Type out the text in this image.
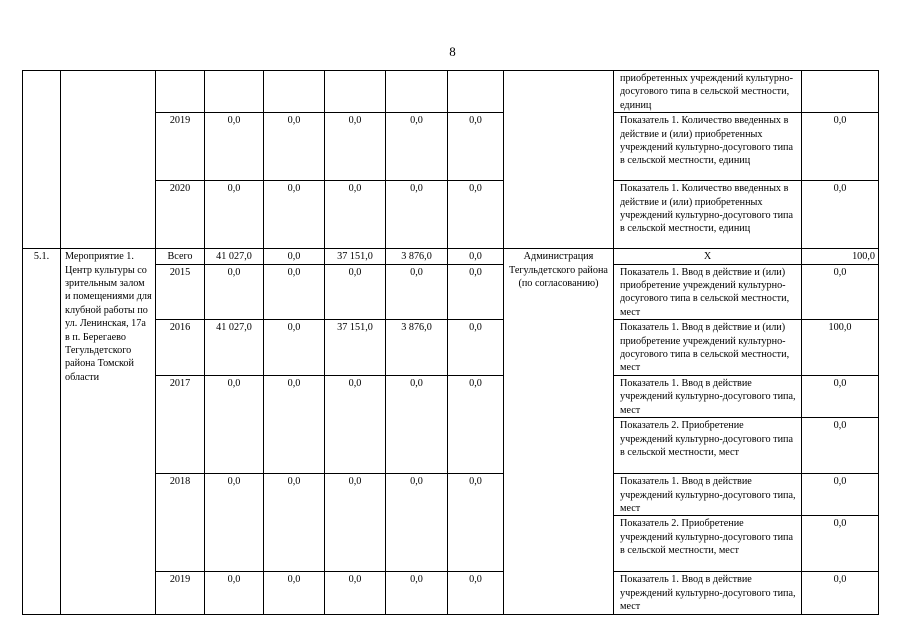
8
									приобретенных учреждений культурно-досугового типа в сельской местности, единиц	
		2019	0,0	0,0	0,0	0,0	0,0		Показатель 1. Количество введенных в действие и (или) приобретенных учреждений культурно-досугового типа в сельской местности, единиц	0,0
		2020	0,0	0,0	0,0	0,0	0,0		Показатель 1. Количество введенных в действие и (или) приобретенных учреждений культурно-досугового типа в сельской местности, единиц	0,0
5.1.	Мероприятие 1. Центр культуры со зрительным залом и помещениями для клубной работы по ул. Ленинская, 17а в п. Берегаево Тегульдетского района Томской области	Всего	41 027,0	0,0	37 151,0	3 876,0	0,0	Администрация Тегульдетского района (по согласованию)	X	100,0
		2015	0,0	0,0	0,0	0,0	0,0		Показатель 1. Ввод в действие и (или) приобретение учреждений культурно-досугового типа в сельской местности, мест	0,0
		2016	41 027,0	0,0	37 151,0	3 876,0	0,0		Показатель 1. Ввод в действие и (или) приобретение учреждений культурно-досугового типа в сельской местности, мест	100,0
		2017	0,0	0,0	0,0	0,0	0,0		Показатель 1. Ввод в действие учреждений культурно-досугового типа, мест	0,0
									Показатель 2. Приобретение учреждений культурно-досугового типа в сельской местности, мест	0,0
		2018	0,0	0,0	0,0	0,0	0,0		Показатель 1. Ввод в действие учреждений культурно-досугового типа, мест	0,0
									Показатель 2. Приобретение учреждений культурно-досугового типа в сельской местности, мест	0,0
		2019	0,0	0,0	0,0	0,0	0,0		Показатель 1. Ввод в действие учреждений культурно-досугового типа, мест	0,0
